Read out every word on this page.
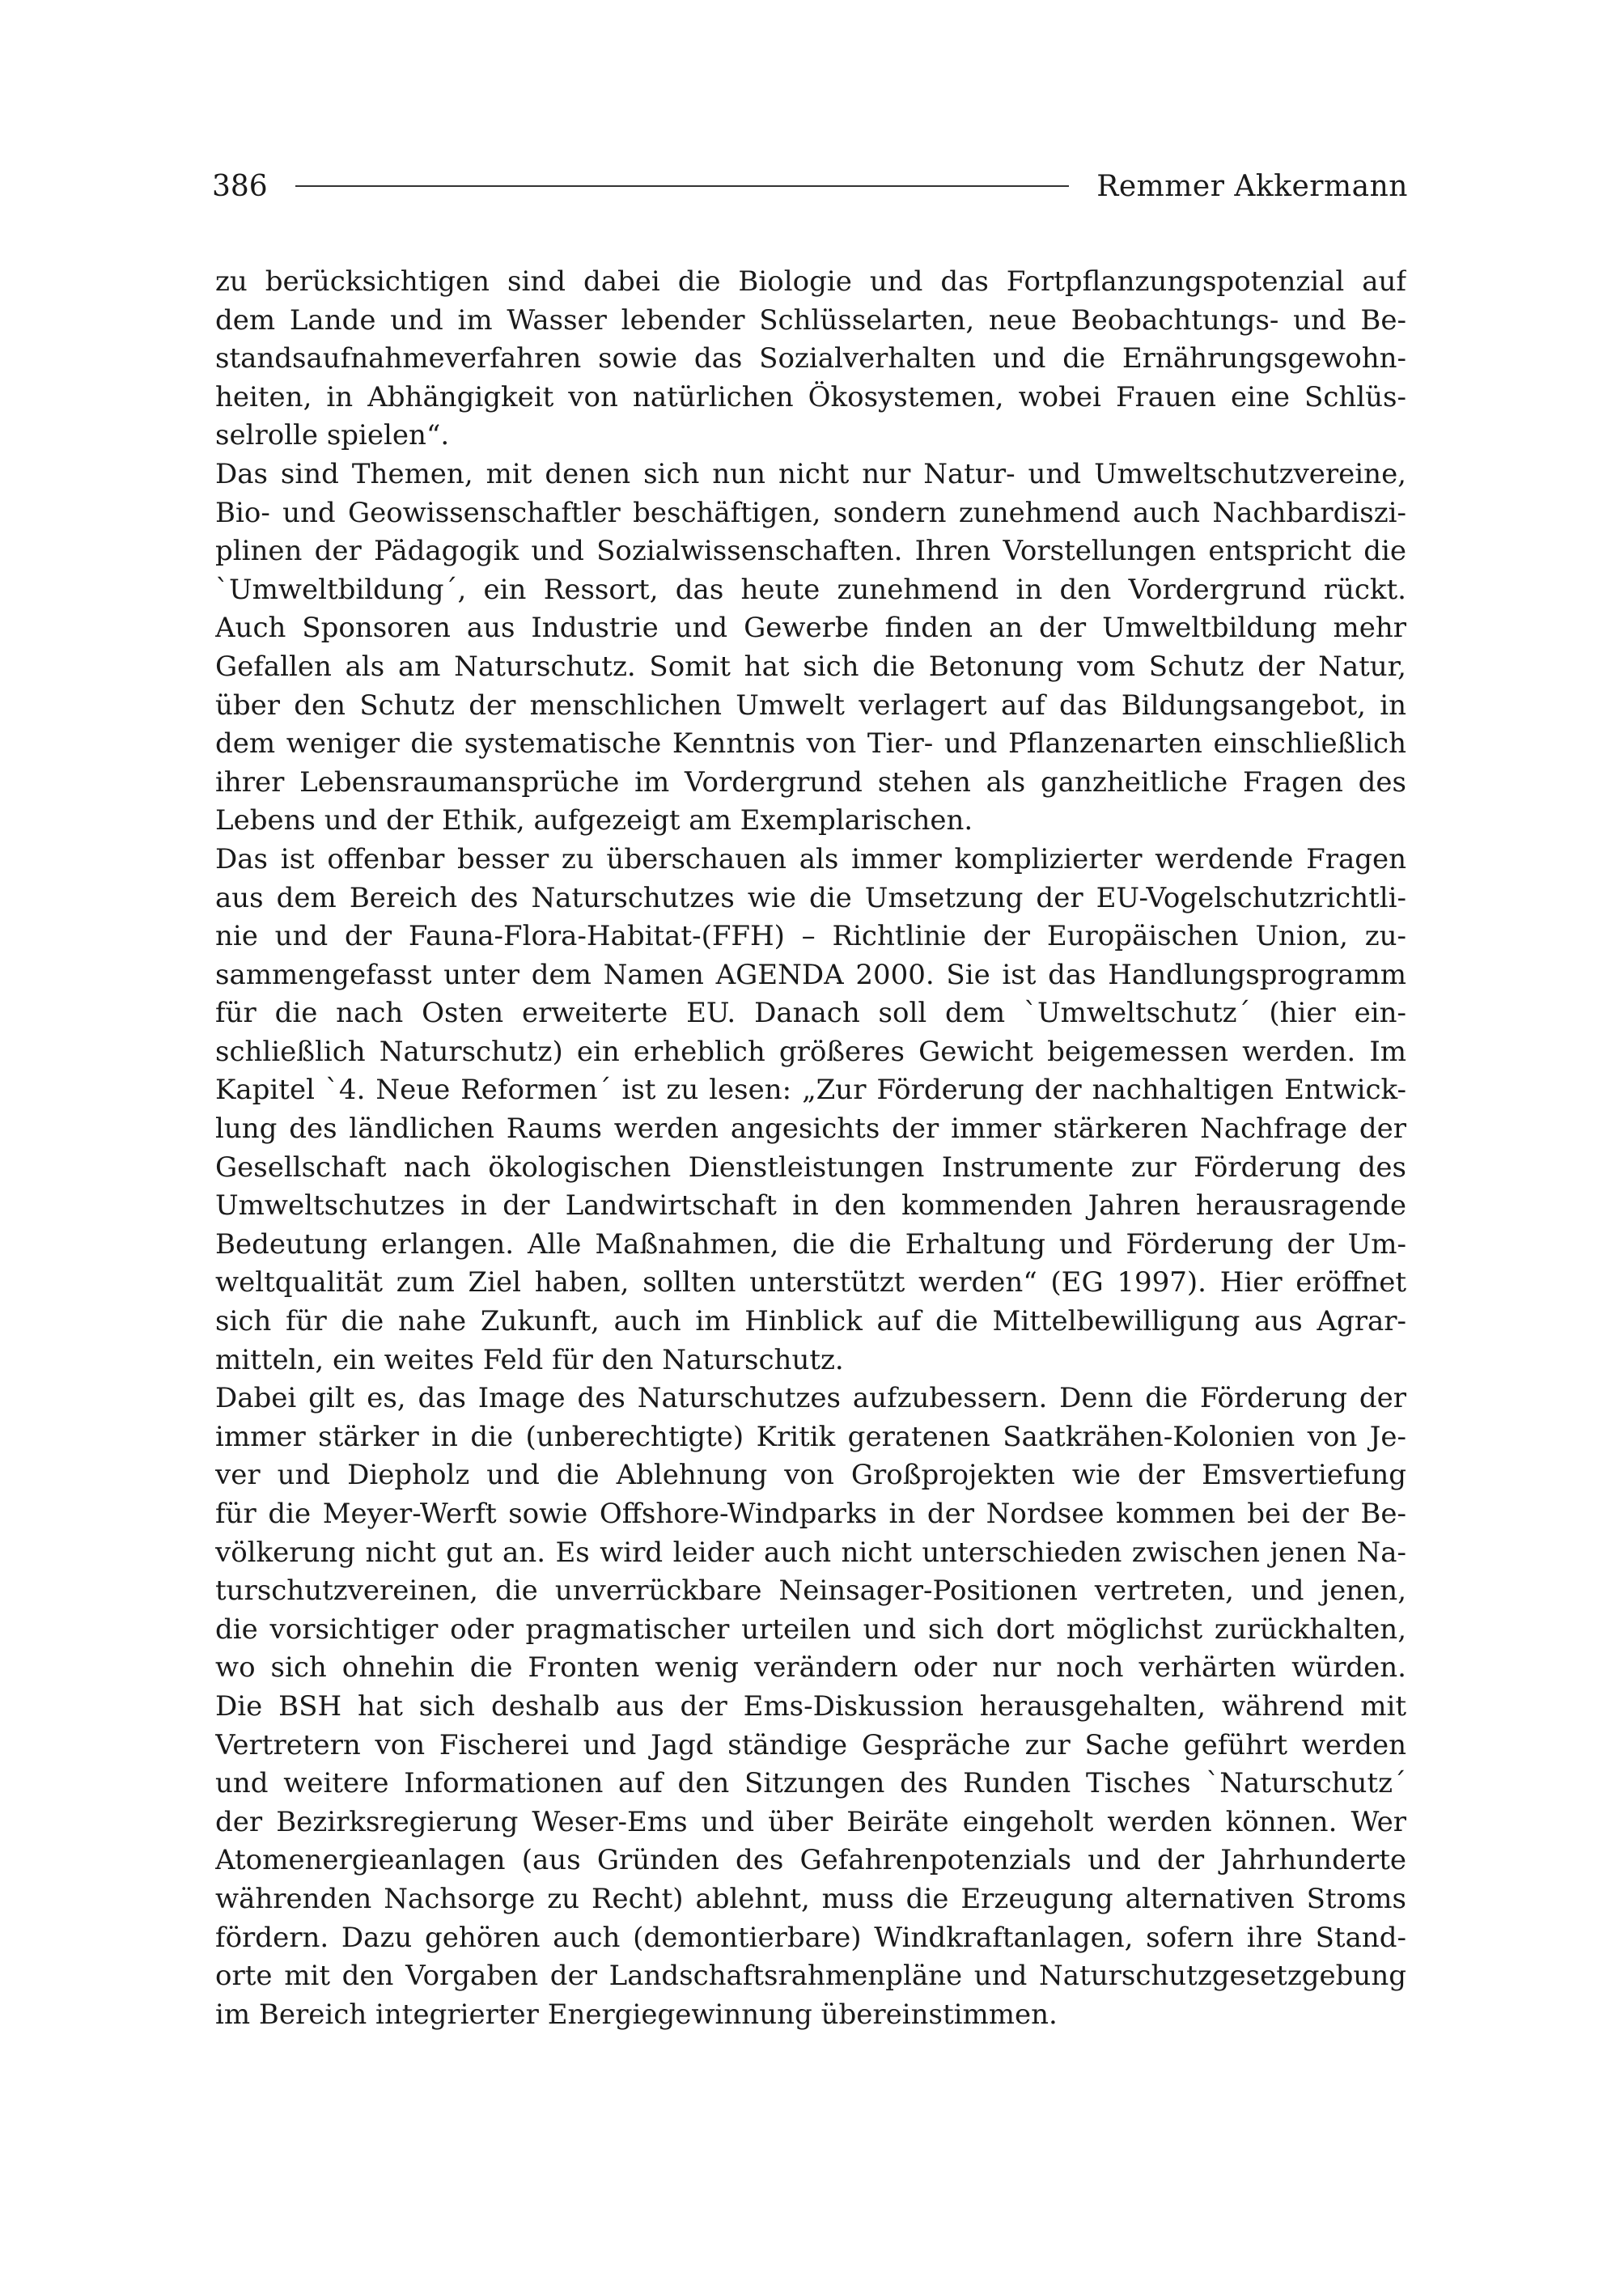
386	Remmer Akkermann
zu berücksichtigen sind dabei die Biologie und das Fortpflanzungspotenzial auf
dem Lande und im Wasser lebender Schlüsselarten, neue Beobachtungs- und Be-
standsaufnahmeverfahren sowie das Sozialverhalten und die Ernährungsgewohn-
heiten, in Abhängigkeit von natürlichen Ökosystemen, wobei Frauen eine Schlüs-
selrolle spielen“.
Das sind Themen, mit denen sich nun nicht nur Natur- und Umweltschutzvereine,
Bio- und Geowissenschaftler beschäftigen, sondern zunehmend auch Nachbardiszi-
plinen der Pädagogik und Sozialwissenschaften. Ihren Vorstellungen entspricht die
`Umweltbildung´, ein Ressort, das heute zunehmend in den Vordergrund rückt.
Auch Sponsoren aus Industrie und Gewerbe finden an der Umweltbildung mehr
Gefallen als am Naturschutz. Somit hat sich die Betonung vom Schutz der Natur,
über den Schutz der menschlichen Umwelt verlagert auf das Bildungsangebot, in
dem weniger die systematische Kenntnis von Tier- und Pflanzenarten einschließlich
ihrer Lebensraumansprüche im Vordergrund stehen als ganzheitliche Fragen des
Lebens und der Ethik, aufgezeigt am Exemplarischen.
Das ist offenbar besser zu überschauen als immer komplizierter werdende Fragen
aus dem Bereich des Naturschutzes wie die Umsetzung der EU-Vogelschutzrichtli-
nie und der Fauna-Flora-Habitat-(FFH) – Richtlinie der Europäischen Union, zu-
sammengefasst unter dem Namen AGENDA 2000. Sie ist das Handlungsprogramm
für die nach Osten erweiterte EU. Danach soll dem `Umweltschutz´ (hier ein-
schließlich Naturschutz) ein erheblich größeres Gewicht beigemessen werden. Im
Kapitel `4. Neue Reformen´ ist zu lesen: „Zur Förderung der nachhaltigen Entwick-
lung des ländlichen Raums werden angesichts der immer stärkeren Nachfrage der
Gesellschaft nach ökologischen Dienstleistungen Instrumente zur Förderung des
Umweltschutzes in der Landwirtschaft in den kommenden Jahren herausragende
Bedeutung erlangen. Alle Maßnahmen, die die Erhaltung und Förderung der Um-
weltqualität zum Ziel haben, sollten unterstützt werden“ (EG 1997). Hier eröffnet
sich für die nahe Zukunft, auch im Hinblick auf die Mittelbewilligung aus Agrar-
mitteln, ein weites Feld für den Naturschutz.
Dabei gilt es, das Image des Naturschutzes aufzubessern. Denn die Förderung der
immer stärker in die (unberechtigte) Kritik geratenen Saatkrähen-Kolonien von Je-
ver und Diepholz und die Ablehnung von Großprojekten wie der Emsvertiefung
für die Meyer-Werft sowie Offshore-Windparks in der Nordsee kommen bei der Be-
völkerung nicht gut an. Es wird leider auch nicht unterschieden zwischen jenen Na-
turschutzvereinen, die unverrückbare Neinsager-Positionen vertreten, und jenen,
die vorsichtiger oder pragmatischer urteilen und sich dort möglichst zurückhalten,
wo sich ohnehin die Fronten wenig verändern oder nur noch verhärten würden.
Die BSH hat sich deshalb aus der Ems-Diskussion herausgehalten, während mit
Vertretern von Fischerei und Jagd ständige Gespräche zur Sache geführt werden
und weitere Informationen auf den Sitzungen des Runden Tisches `Naturschutz´
der Bezirksregierung Weser-Ems und über Beiräte eingeholt werden können. Wer
Atomenergieanlagen (aus Gründen des Gefahrenpotenzials und der Jahrhunderte
währenden Nachsorge zu Recht) ablehnt, muss die Erzeugung alternativen Stroms
fördern. Dazu gehören auch (demontierbare) Windkraftanlagen, sofern ihre Stand-
orte mit den Vorgaben der Landschaftsrahmenpläne und Naturschutzgesetzgebung
im Bereich integrierter Energiegewinnung übereinstimmen.
